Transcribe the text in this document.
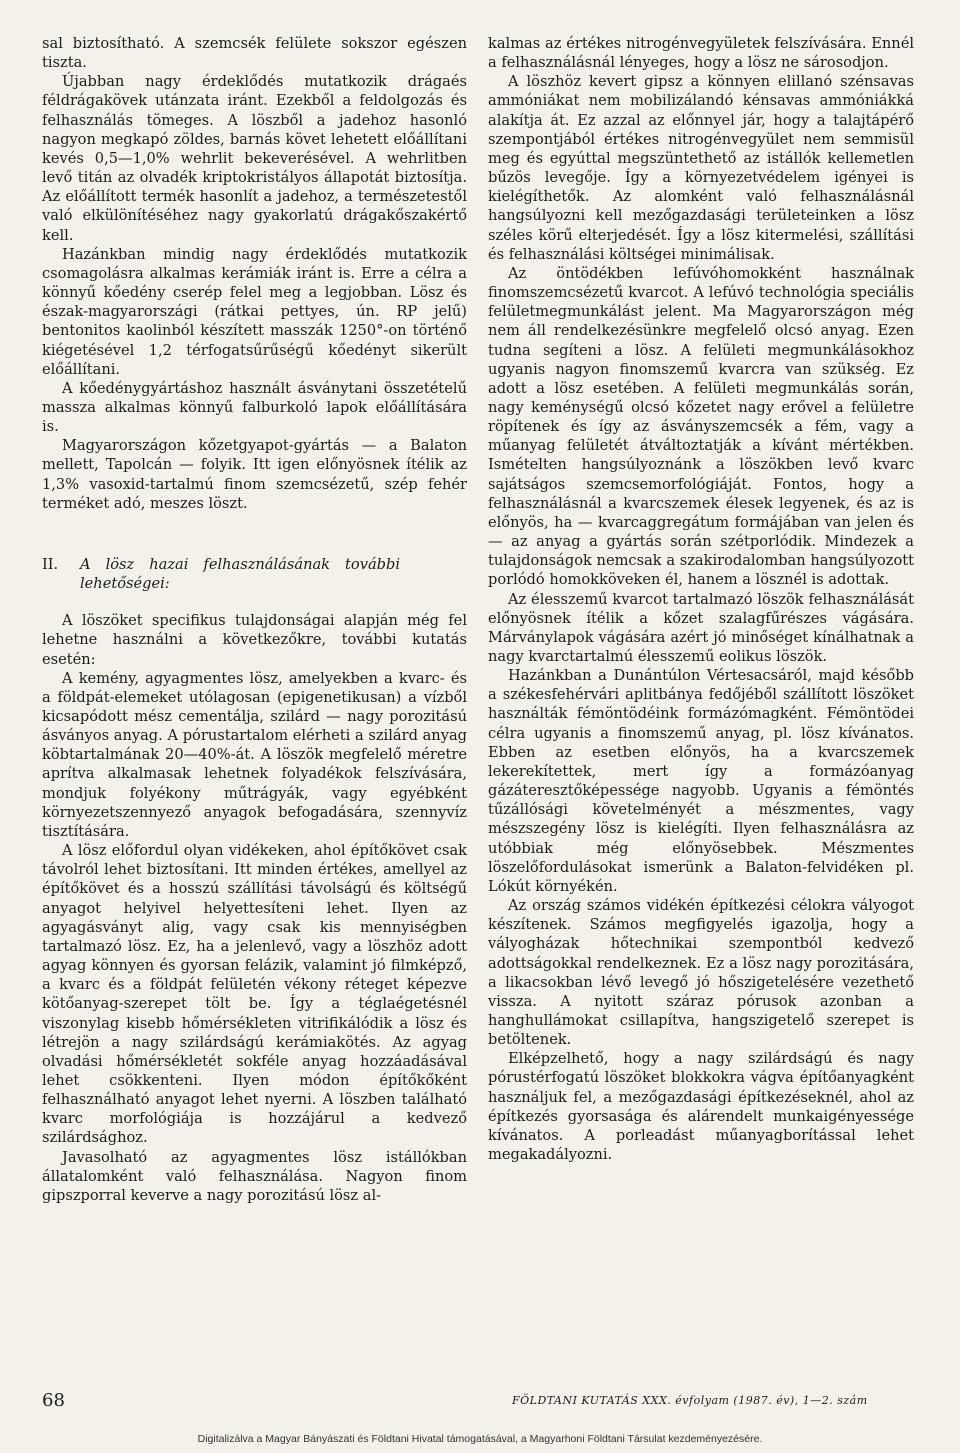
sal biztosítható. A szemcsék felülete sokszor egészen tiszta.

Újabban nagy érdeklődés mutatkozik drágaés féldrágakövek utánzata iránt. Ezekből a feldolgozás és felhasználás tömeges. A löszből a jadehoz hasonló nagyon megkapó zöldes, barnás követ lehetett előállítani kevés 0,5—1,0% wehrlit bekeverésével. A wehrlitben levő titán az olvadék kriptokristályos állapotát biztosítja. Az előállított termék hasonlít a jadehoz, a természetestől való elkülönítéséhez nagy gyakorlatú drágakőszakértő kell.

Hazánkban mindig nagy érdeklődés mutatkozik csomagolásra alkalmas kerámiák iránt is. Erre a célra a könnyű kőedény cserép felel meg a legjobban. Lösz és észak-magyarországi (rátkai pettyes, ún. RP jelű) bentonitos kaolinból készített masszák 1250°-on történő kiégetésével 1,2 térfogatsűrűségű kőedényt sikerült előállítani.

A kőedénygyártáshoz használt ásványtani összetételű massza alkalmas könnyű falburkoló lapok előállítására is.

Magyarországon kőzetgyapot-gyártás — a Balaton mellett, Tapolcán — folyik. Itt igen előnyösnek ítélik az 1,3% vasoxid-tartalmú finom szemcsézetű, szép fehér terméket adó, meszes löszt.

II. A lösz hazai felhasználásának további lehetőségei:

A löszöket specifikus tulajdonságai alapján még fel lehetne használni a következőkre, további kutatás esetén:

A kemény, agyagmentes lösz, amelyekben a kvarc- és a földpát-elemeket utólagosan (epigenetikusan) a vízből kicsapódott mész cementálja, szilárd — nagy porozitású ásványos anyag. A pórustartalom elérheti a szilárd anyag köbtartalmának 20—40%-át. A löszök megfelelő méretre aprítva alkalmasak lehetnek folyadékok felszívására, mondjuk folyékony műtrágyák, vagy egyébként környezetszennyező anyagok befogadására, szennyvíz tisztítására.

A lösz előfordul olyan vidékeken, ahol építőkövet csak távolról lehet biztosítani. Itt minden értékes, amellyel az építőkövet és a hosszú szállítási távolságú és költségű anyagot helyivel helyettesíteni lehet. Ilyen az agyagásványt alig, vagy csak kis mennyiségben tartalmazó lösz. Ez, ha a jelenlevő, vagy a löszhöz adott agyag könnyen és gyorsan felázik, valamint jó filmképző, a kvarc és a földpát felületén vékony réteget képezve kötőanyag-szerepet tölt be. Így a téglaégetésnél viszonylag kisebb hőmérsékleten vitrifikálódik a lösz és létrejön a nagy szilárdságú kerámiakötés. Az agyag olvadási hőmérsékletét sokféle anyag hozzáadásával lehet csökkenteni. Ilyen módon építőkőként felhasználható anyagot lehet nyerni. A löszben található kvarc morfológiája is hozzájárul a kedvező szilárdsághoz.

Javasolható az agyagmentes lösz istállókban állatalomként való felhasználása. Nagyon finom gipszporral keverve a nagy porozitású lösz al-

kalmas az értékes nitrogénvegyületek felszívására. Ennél a felhasználásnál lényeges, hogy a lösz ne sárosodjon.

A löszhöz kevert gipsz a könnyen elillanó szénsavas ammóniákat nem mobilizálandó kénsavas ammóniákká alakítja át. Ez azzal az előnnyel jár, hogy a talajtápérő szempontjából értékes nitrogénvegyület nem semmisül meg és egyúttal megszüntethető az istállók kellemetlen bűzös levegője. Így a környezetvédelem igényei is kielégíthetők. Az alomként való felhasználásnál hangsúlyozni kell mezőgazdasági területeinken a lösz széles körű elterjedését. Így a lösz kitermelési, szállítási és felhasználási költségei minimálisak.

Az öntödékben lefúvóhomokként használnak finomszemcsézetű kvarcot. A lefúvó technológia speciális felületmegmunkálást jelent. Ma Magyarországon még nem áll rendelkezésünkre megfelelő olcsó anyag. Ezen tudna segíteni a lösz. A felületi megmunkálásokhoz ugyanis nagyon finomszemű kvarcra van szükség. Ez adott a lösz esetében. A felületi megmunkálás során, nagy keménységű olcsó kőzetet nagy erővel a felületre röpítenek és így az ásványszemcsék a fém, vagy a műanyag felületét átváltoztatják a kívánt mértékben. Ismételten hangsúlyoznánk a löszökben levő kvarc sajátságos szemcsemorfológiáját. Fontos, hogy a felhasználásnál a kvarcszemek élesek legyenek, és az is előnyös, ha — kvarcaggregátum formájában van jelen és — az anyag a gyártás során szétporlódik. Mindezek a tulajdonságok nemcsak a szakirodalomban hangsúlyozott porlódó homokköveken él, hanem a lösznél is adottak.

Az élesszemű kvarcot tartalmazó löszök felhasználását előnyösnek ítélik a kőzet szalagfűrészes vágására. Márványlapok vágására azért jó minőséget kínálhatnak a nagy kvarctartalmú élesszemű eolikus löszök.

Hazánkban a Dunántúlon Vértesacsáról, majd később a székesfehérvári aplitbánya fedőjéből szállított löszöket használták fémöntödéink formázómagként. Fémöntödei célra ugyanis a finomszemű anyag, pl. lösz kívánatos. Ebben az esetben előnyös, ha a kvarcszemek lekerekítettek, mert így a formázóanyag gázáteresztőképessége nagyobb. Ugyanis a fémöntés tűzállósági követelményét a mészmentes, vagy mészszegény lösz is kielégíti. Ilyen felhasználásra az utóbbiak még előnyösebbek. Mészmentes löszelőfordulásokat ismerünk a Balaton-felvidéken pl. Lókút környékén.

Az ország számos vidékén építkezési célokra vályogot készítenek. Számos megfigyelés igazolja, hogy a vályogházak hőtechnikai szempontból kedvező adottságokkal rendelkeznek. Ez a lösz nagy porozitására, a likacsokban lévő levegő jó hőszigetelésére vezethető vissza. A nyitott száraz pórusok azonban a hanghullámokat csillapítva, hangszigetelő szerepet is betöltenek.

Elképzelhető, hogy a nagy szilárdságú és nagy pórustérfogatú löszöket blokkokra vágva építőanyagként használjuk fel, a mezőgazdasági építkezéseknél, ahol az építkezés gyorsasága és alárendelt munkaigényessége kívánatos. A porleadást műanyagborítással lehet megakadályozni.

68	FÖLDTANI KUTATÁS XXX. évfolyam (1987. év), 1—2. szám
Digitalizálva a Magyar Bányászati és Földtani Hivatal támogatásával, a Magyarhoni Földtani Társulat kezdeményezésére.
